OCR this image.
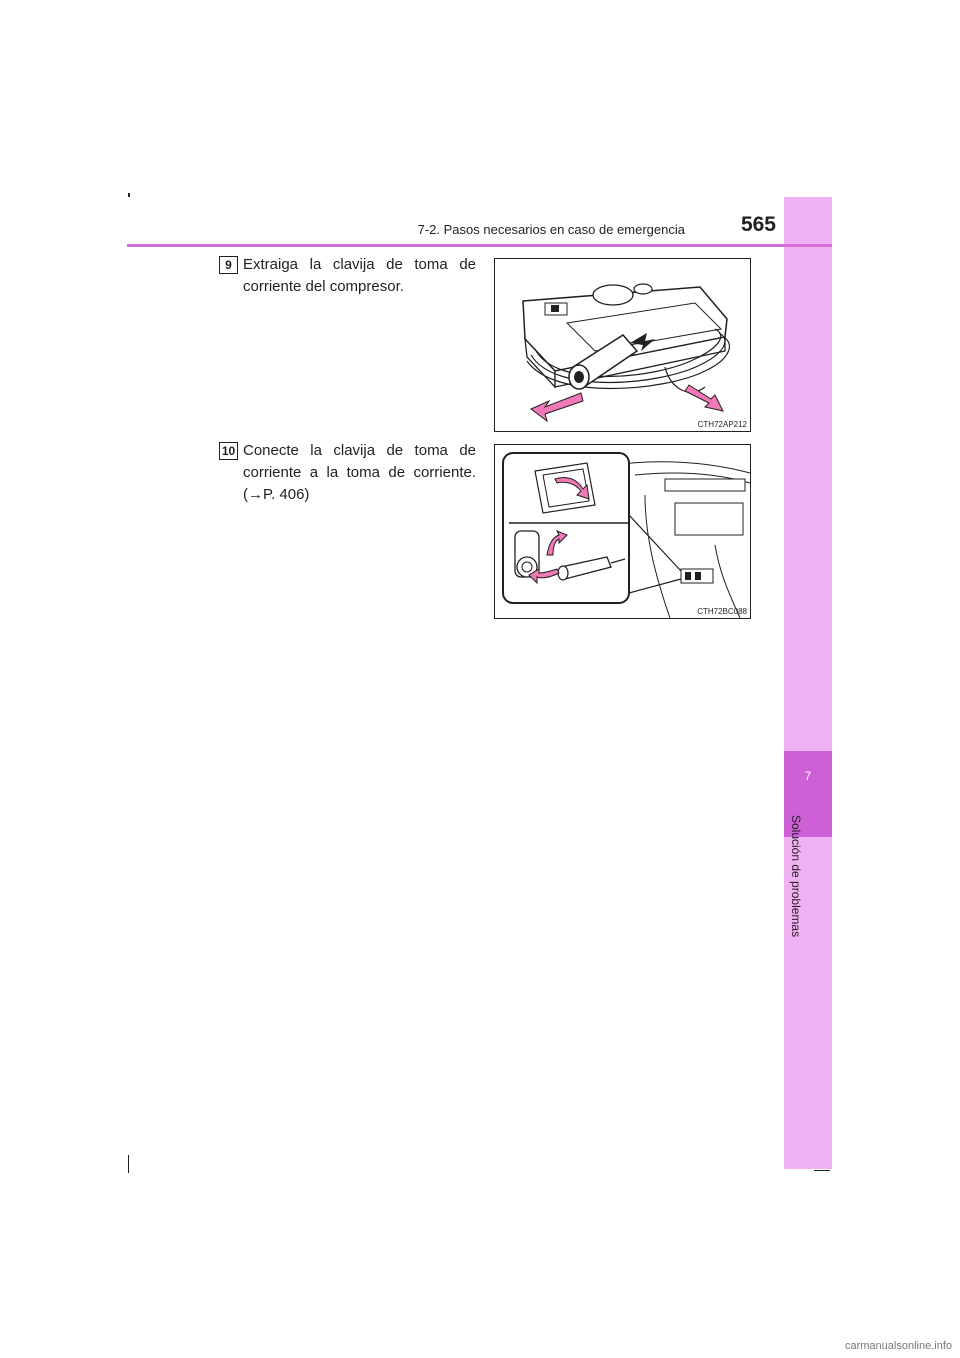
7
Solución de problemas
7-2. Pasos necesarios en caso de emergencia	565
9 Extraiga la clavija de toma de corriente del compresor.
CTH72AP212
10 Conecte la clavija de toma de corriente a la toma de corriente. (→P. 406)
CTH72BC088
carmanualsonline.info
